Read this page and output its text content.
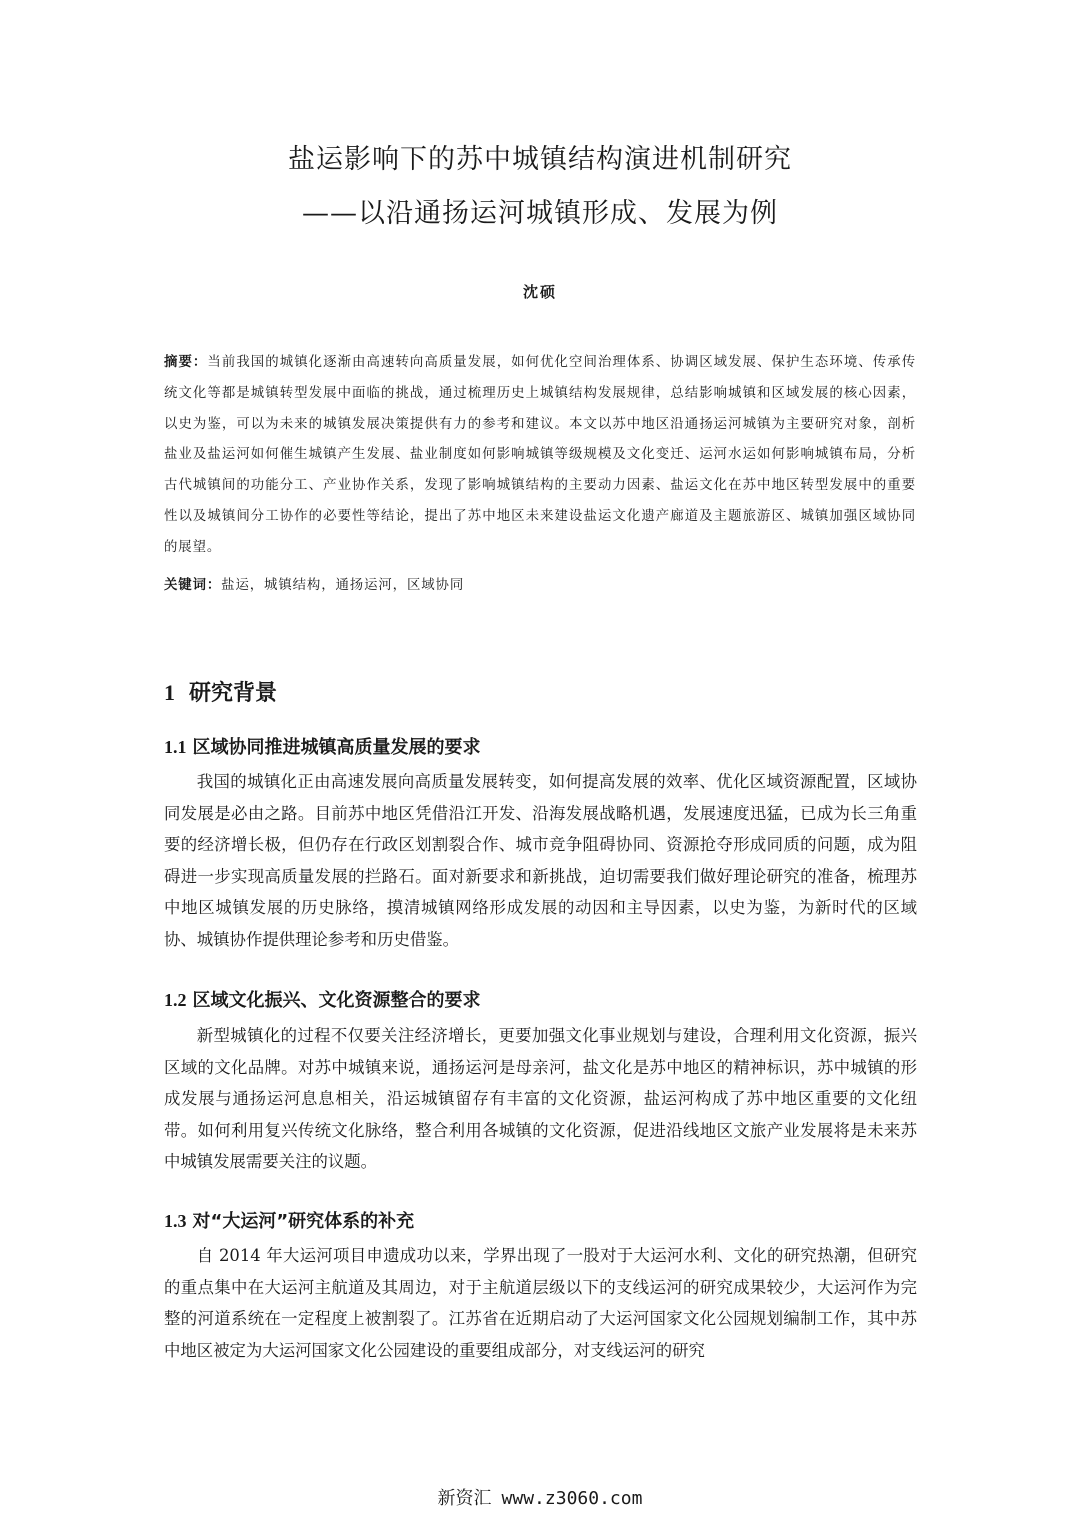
盐运影响下的苏中城镇结构演进机制研究
——以沿通扬运河城镇形成、发展为例
沈硕
摘要：当前我国的城镇化逐渐由高速转向高质量发展，如何优化空间治理体系、协调区域发展、保护生态环境、传承传统文化等都是城镇转型发展中面临的挑战，通过梳理历史上城镇结构发展规律，总结影响城镇和区域发展的核心因素，以史为鉴，可以为未来的城镇发展决策提供有力的参考和建议。本文以苏中地区沿通扬运河城镇为主要研究对象，剖析盐业及盐运河如何催生城镇产生发展、盐业制度如何影响城镇等级规模及文化变迁、运河水运如何影响城镇布局，分析古代城镇间的功能分工、产业协作关系，发现了影响城镇结构的主要动力因素、盐运文化在苏中地区转型发展中的重要性以及城镇间分工协作的必要性等结论，提出了苏中地区未来建设盐运文化遗产廊道及主题旅游区、城镇加强区域协同的展望。
关键词：盐运，城镇结构，通扬运河，区域协同
1 研究背景
1.1 区域协同推进城镇高质量发展的要求
我国的城镇化正由高速发展向高质量发展转变，如何提高发展的效率、优化区域资源配置，区域协同发展是必由之路。目前苏中地区凭借沿江开发、沿海发展战略机遇，发展速度迅猛，已成为长三角重要的经济增长极，但仍存在行政区划割裂合作、城市竞争阻碍协同、资源抢夺形成同质的问题，成为阻碍进一步实现高质量发展的拦路石。面对新要求和新挑战，迫切需要我们做好理论研究的准备，梳理苏中地区城镇发展的历史脉络，摸清城镇网络形成发展的动因和主导因素，以史为鉴，为新时代的区域协、城镇协作提供理论参考和历史借鉴。
1.2 区域文化振兴、文化资源整合的要求
新型城镇化的过程不仅要关注经济增长，更要加强文化事业规划与建设，合理利用文化资源，振兴区域的文化品牌。对苏中城镇来说，通扬运河是母亲河，盐文化是苏中地区的精神标识，苏中城镇的形成发展与通扬运河息息相关，沿运城镇留存有丰富的文化资源，盐运河构成了苏中地区重要的文化纽带。如何利用复兴传统文化脉络，整合利用各城镇的文化资源，促进沿线地区文旅产业发展将是未来苏中城镇发展需要关注的议题。
1.3 对“大运河”研究体系的补充
自 2014 年大运河项目申遗成功以来，学界出现了一股对于大运河水利、文化的研究热潮，但研究的重点集中在大运河主航道及其周边，对于主航道层级以下的支线运河的研究成果较少，大运河作为完整的河道系统在一定程度上被割裂了。江苏省在近期启动了大运河国家文化公园规划编制工作，其中苏中地区被定为大运河国家文化公园建设的重要组成部分，对支线运河的研究
新资汇 www.z3060.com
